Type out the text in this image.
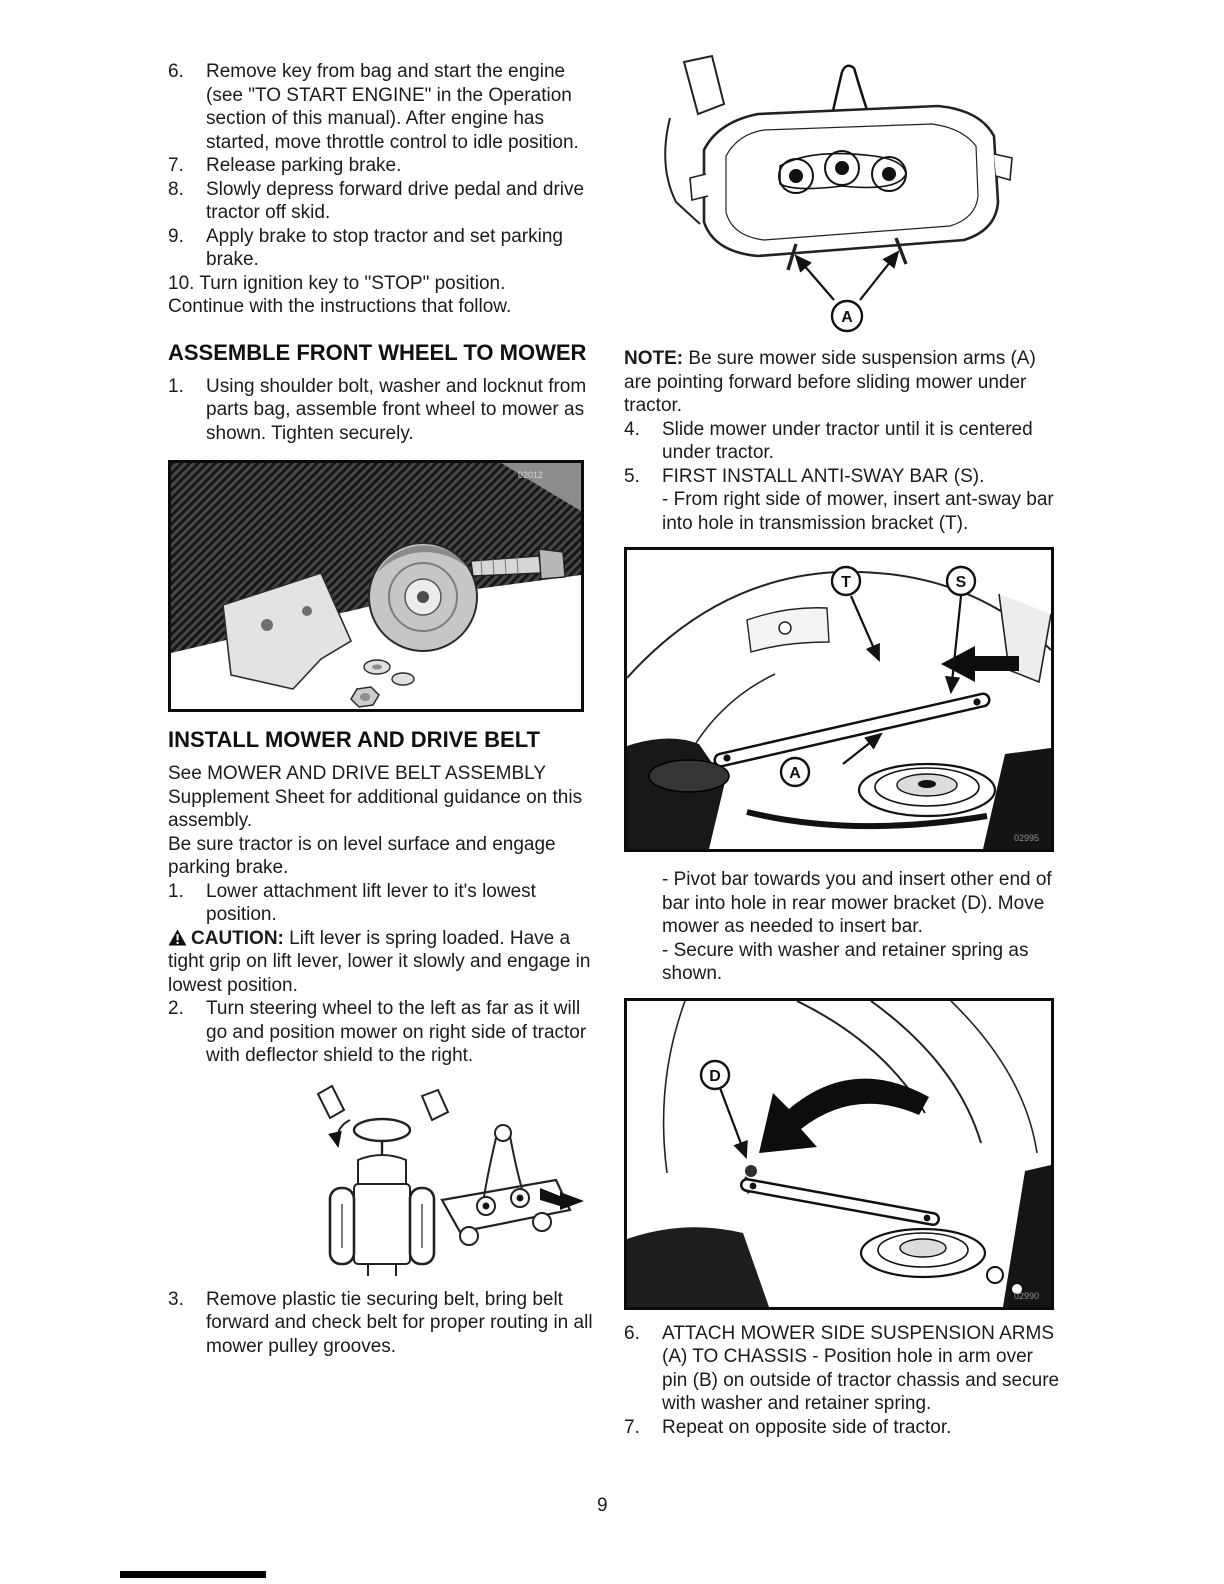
6. Remove key from bag and start the engine (see "TO START ENGINE" in the Operation section of this manual). After engine has started, move throttle control to idle position.

7. Release parking brake.

8. Slowly depress forward drive pedal and drive tractor off skid.

9. Apply brake to stop tractor and set parking brake.

10. Turn ignition key to "STOP" position.

Continue with the instructions that follow.

ASSEMBLE FRONT WHEEL TO MOWER

1. Using shoulder bolt, washer and locknut from parts bag, assemble front wheel to mower as shown. Tighten securely.

02012
INSTALL MOWER AND DRIVE BELT

See MOWER AND DRIVE BELT ASSEMBLY Supplement Sheet for additional guidance on this assembly.

Be sure tractor is on level surface and engage parking brake.

1. Lower attachment lift lever to it's lowest position.

CAUTION: Lift lever is spring loaded. Have a tight grip on lift lever, lower it slowly and engage in lowest position.

2. Turn steering wheel to the left as far as it will go and position mower on right side of tractor with deflector shield to the right.

3. Remove plastic tie securing belt, bring belt forward and check belt for proper routing in all mower pulley grooves.

A

NOTE: Be sure mower side suspension arms (A) are pointing forward before sliding mower under tractor.

4. Slide mower under tractor until it is centered under tractor.

5. FIRST INSTALL ANTI-SWAY BAR (S).

- From right side of mower, insert ant-sway bar into hole in transmission bracket (T).

T	S
A
02995

- Pivot bar towards you and insert other end of bar into hole in rear mower bracket (D). Move mower as needed to insert bar.

- Secure with washer and retainer spring as shown.

D
02990

6. ATTACH MOWER SIDE SUSPENSION ARMS (A) TO CHASSIS - Position hole in arm over pin (B) on outside of tractor chassis and secure with washer and retainer spring.

7. Repeat on opposite side of tractor.

9
